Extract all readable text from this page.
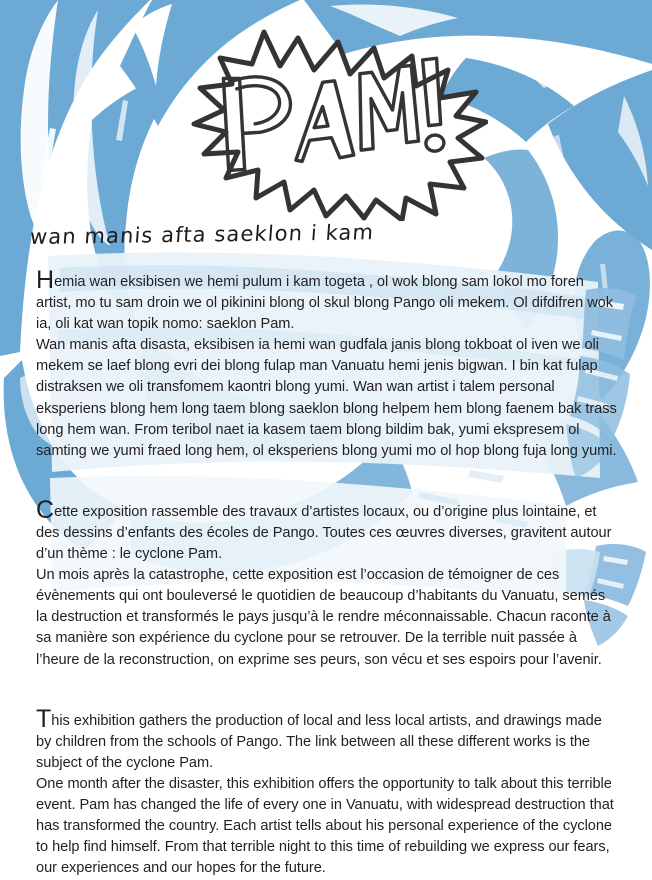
wan manis afta saeklon i kam

Hemia wan eksibisen we hemi pulum i kam togeta , ol wok blong sam lokol mo foren artist, mo tu sam droin we ol pikinini blong ol skul blong Pango oli mekem. Ol difdifren wok ia, oli kat wan topik nomo: saeklon Pam.

Wan manis afta disasta, eksibisen ia hemi wan gudfala janis blong tokboat ol iven we oli mekem se laef blong evri dei blong fulap man Vanuatu hemi jenis bigwan. I bin kat fulap distraksen we oli transfomem kaontri blong yumi. Wan wan artist i talem personal eksperiens blong hem long taem blong saeklon blong helpem hem blong faenem bak trass long hem wan. From teribol naet ia kasem taem blong bildim bak, yumi ekspresem ol samting we yumi fraed long hem, ol eksperiens blong yumi mo ol hop blong fuja long yumi.

Cette exposition rassemble des travaux d’artistes locaux, ou d’origine plus lointaine, et des dessins d’enfants des écoles de Pango. Toutes ces œuvres diverses, gravitent autour d’un thème : le cyclone Pam.

Un mois après la catastrophe, cette exposition est l’occasion de témoigner de ces évènements qui ont bouleversé le quotidien de beaucoup d’habitants du Vanuatu, semés la destruction et transformés le pays jusqu’à le rendre méconnaissable. Chacun raconte à sa manière son expérience du cyclone pour se retrouver. De la terrible nuit passée à l’heure de la reconstruction, on exprime ses peurs, son vécu et ses espoirs pour l’avenir.

This exhibition gathers the production of local and less local artists, and drawings made by children from the schools of Pango. The link between all these different works is the subject of the cyclone Pam.

One month after the disaster, this exhibition offers the opportunity to talk about this terrible event. Pam has changed the life of every one in Vanuatu, with widespread destruction that has transformed the country. Each artist tells about his personal experience of the cyclone to help find himself. From that terrible night to this time of rebuilding we express our fears, our experiences and our hopes for the future.
